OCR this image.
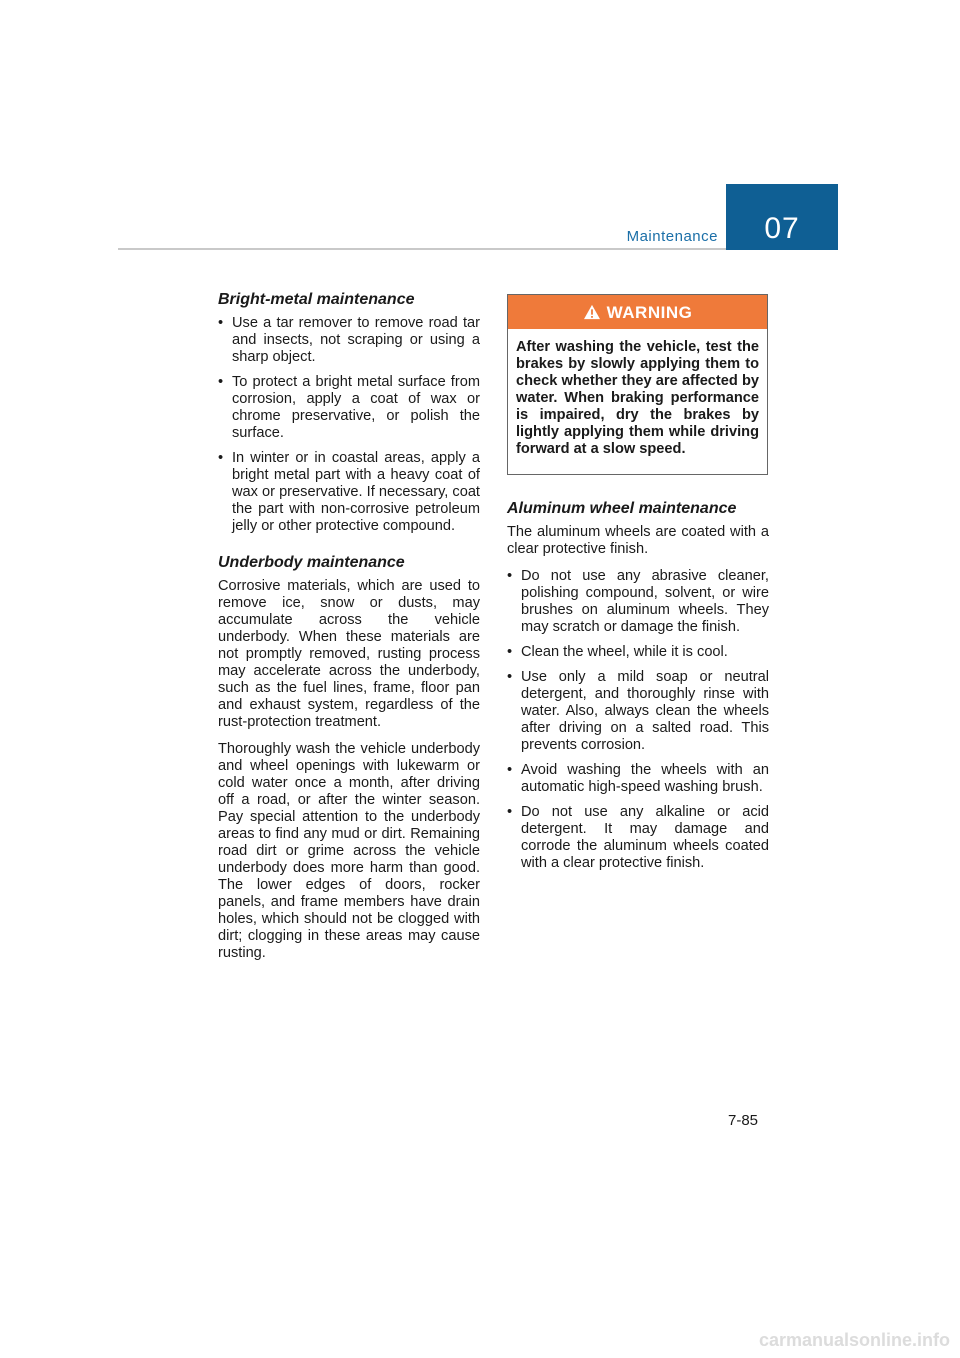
Maintenance 07
Bright-metal maintenance
• Use a tar remover to remove road tar and insects, not scraping or using a sharp object.
• To protect a bright metal surface from corrosion, apply a coat of wax or chrome preservative, or polish the surface.
• In winter or in coastal areas, apply a bright metal part with a heavy coat of wax or preservative. If necessary, coat the part with non-corrosive petroleum jelly or other protective compound.
Underbody maintenance

Corrosive materials, which are used to remove ice, snow or dusts, may accumulate across the vehicle underbody. When these materials are not promptly removed, rusting process may accelerate across the underbody, such as the fuel lines, frame, floor pan and exhaust system, regardless of the rust-protection treatment.

Thoroughly wash the vehicle underbody and wheel openings with lukewarm or cold water once a month, after driving off a road, or after the winter season. Pay special attention to the underbody areas to find any mud or dirt. Remaining road dirt or grime across the vehicle underbody does more harm than good. The lower edges of doors, rocker panels, and frame members have drain holes, which should not be clogged with dirt; clogging in these areas may cause rusting.

WARNING
After washing the vehicle, test the brakes by slowly applying them to check whether they are affected by water. When braking performance is impaired, dry the brakes by lightly applying them while driving forward at a slow speed.
Aluminum wheel maintenance

The aluminum wheels are coated with a clear protective finish.

• Do not use any abrasive cleaner, polishing compound, solvent, or wire brushes on aluminum wheels. They may scratch or damage the finish.
• Clean the wheel, while it is cool.
• Use only a mild soap or neutral detergent, and thoroughly rinse with water. Also, always clean the wheels after driving on a salted road. This prevents corrosion.
• Avoid washing the wheels with an automatic high-speed washing brush.
• Do not use any alkaline or acid detergent. It may damage and corrode the aluminum wheels coated with a clear protective finish.
7-85
carmanualsonline.info
